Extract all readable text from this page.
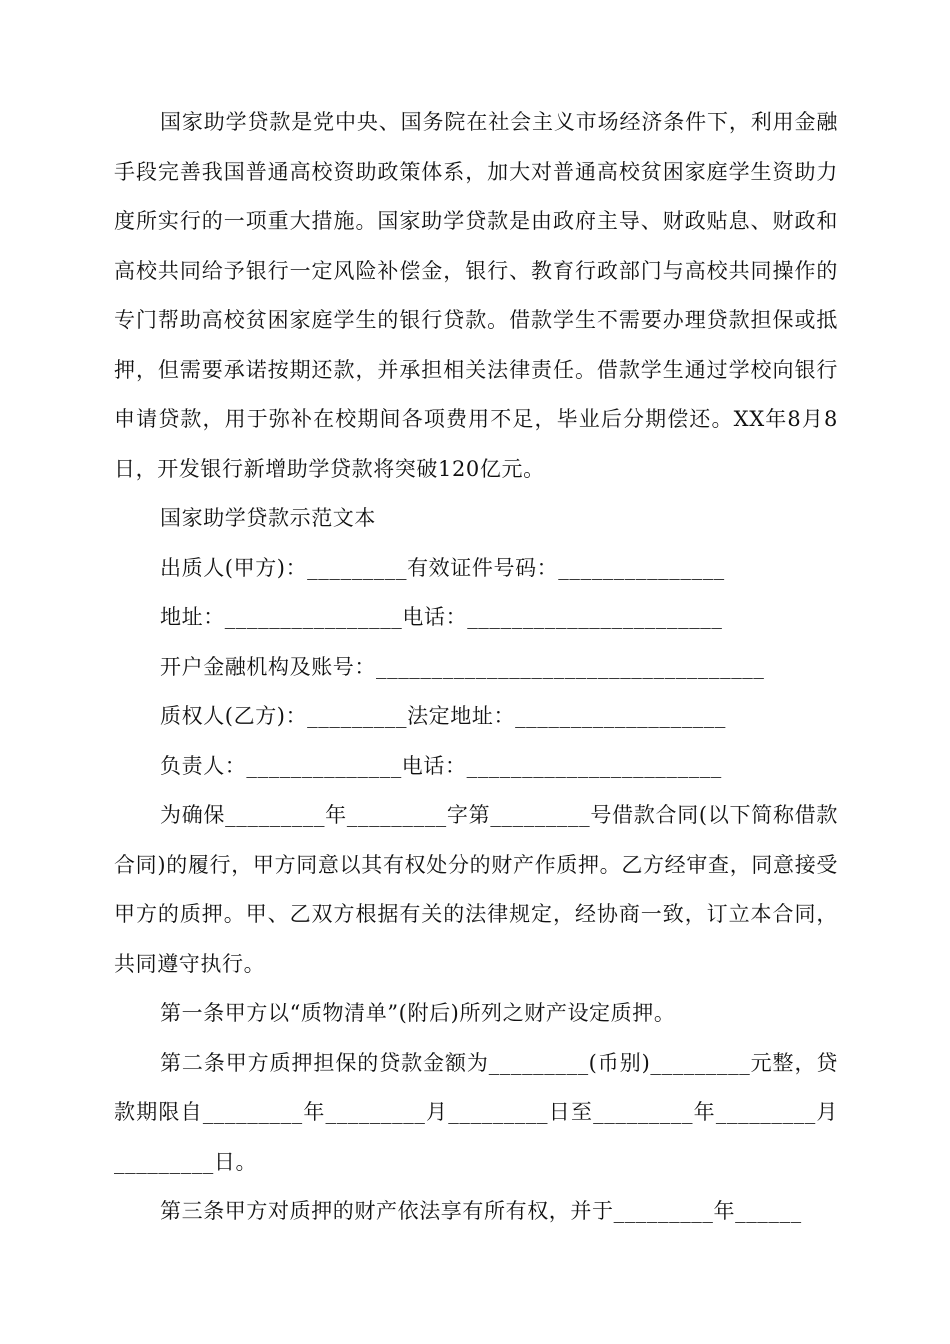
国家助学贷款是党中央、国务院在社会主义市场经济条件下，利用金融手段完善我国普通高校资助政策体系，加大对普通高校贫困家庭学生资助力度所实行的一项重大措施。国家助学贷款是由政府主导、财政贴息、财政和高校共同给予银行一定风险补偿金，银行、教育行政部门与高校共同操作的专门帮助高校贫困家庭学生的银行贷款。借款学生不需要办理贷款担保或抵押，但需要承诺按期还款，并承担相关法律责任。借款学生通过学校向银行申请贷款，用于弥补在校期间各项费用不足，毕业后分期偿还。XX年8月8日，开发银行新增助学贷款将突破120亿元。

国家助学贷款示范文本
出质人(甲方)：_________有效证件号码：_______________
地址：________________电话：_______________________
开户金融机构及账号：___________________________________
质权人(乙方)：_________法定地址：___________________
负责人：______________电话：_______________________

为确保_________年_________字第_________号借款合同(以下简称借款合同)的履行，甲方同意以其有权处分的财产作质押。乙方经审查，同意接受甲方的质押。甲、乙双方根据有关的法律规定，经协商一致，订立本合同，共同遵守执行。

第一条甲方以“质物清单”(附后)所列之财产设定质押。

第二条甲方质押担保的贷款金额为_________(币别)_________元整，贷款期限自_________年_________月_________日至_________年_________月_________日。

第三条甲方对质押的财产依法享有所有权，并于_________年______
